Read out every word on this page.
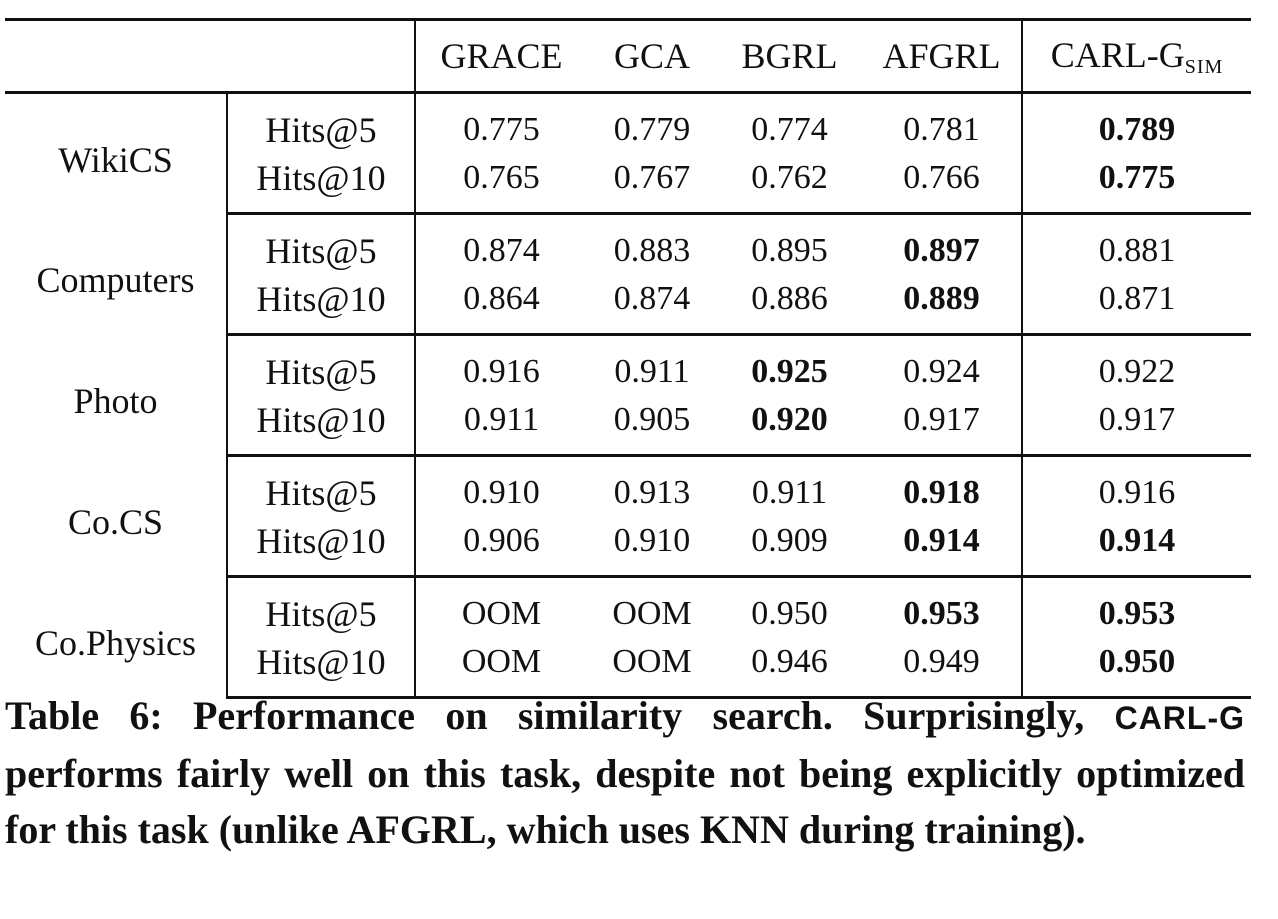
		GRACE	GCA	BGRL	AFGRL	CARL-$G_{SIM}$
WikiCS	Hits@5	0.775	0.779	0.774	0.781	0.789
	Hits@10	0.765	0.767	0.762	0.766	0.775
Computers	Hits@5	0.874	0.883	0.895	0.897	0.881
	Hits@10	0.864	0.874	0.886	0.889	0.871
Photo	Hits@5	0.916	0.911	0.925	0.924	0.922
	Hits@10	0.911	0.905	0.920	0.917	0.917
Co.CS	Hits@5	0.910	0.913	0.911	0.918	0.916
	Hits@10	0.906	0.910	0.909	0.914	0.914
Co.Physics	Hits@5	OOM	OOM	0.950	0.953	0.953
	Hits@10	OOM	OOM	0.946	0.949	0.950
Table 6: Performance on similarity search. Surprisingly, CARL-G performs fairly well on this task, despite not being explicitly optimized for this task (unlike AFGRL, which uses KNN during training).
